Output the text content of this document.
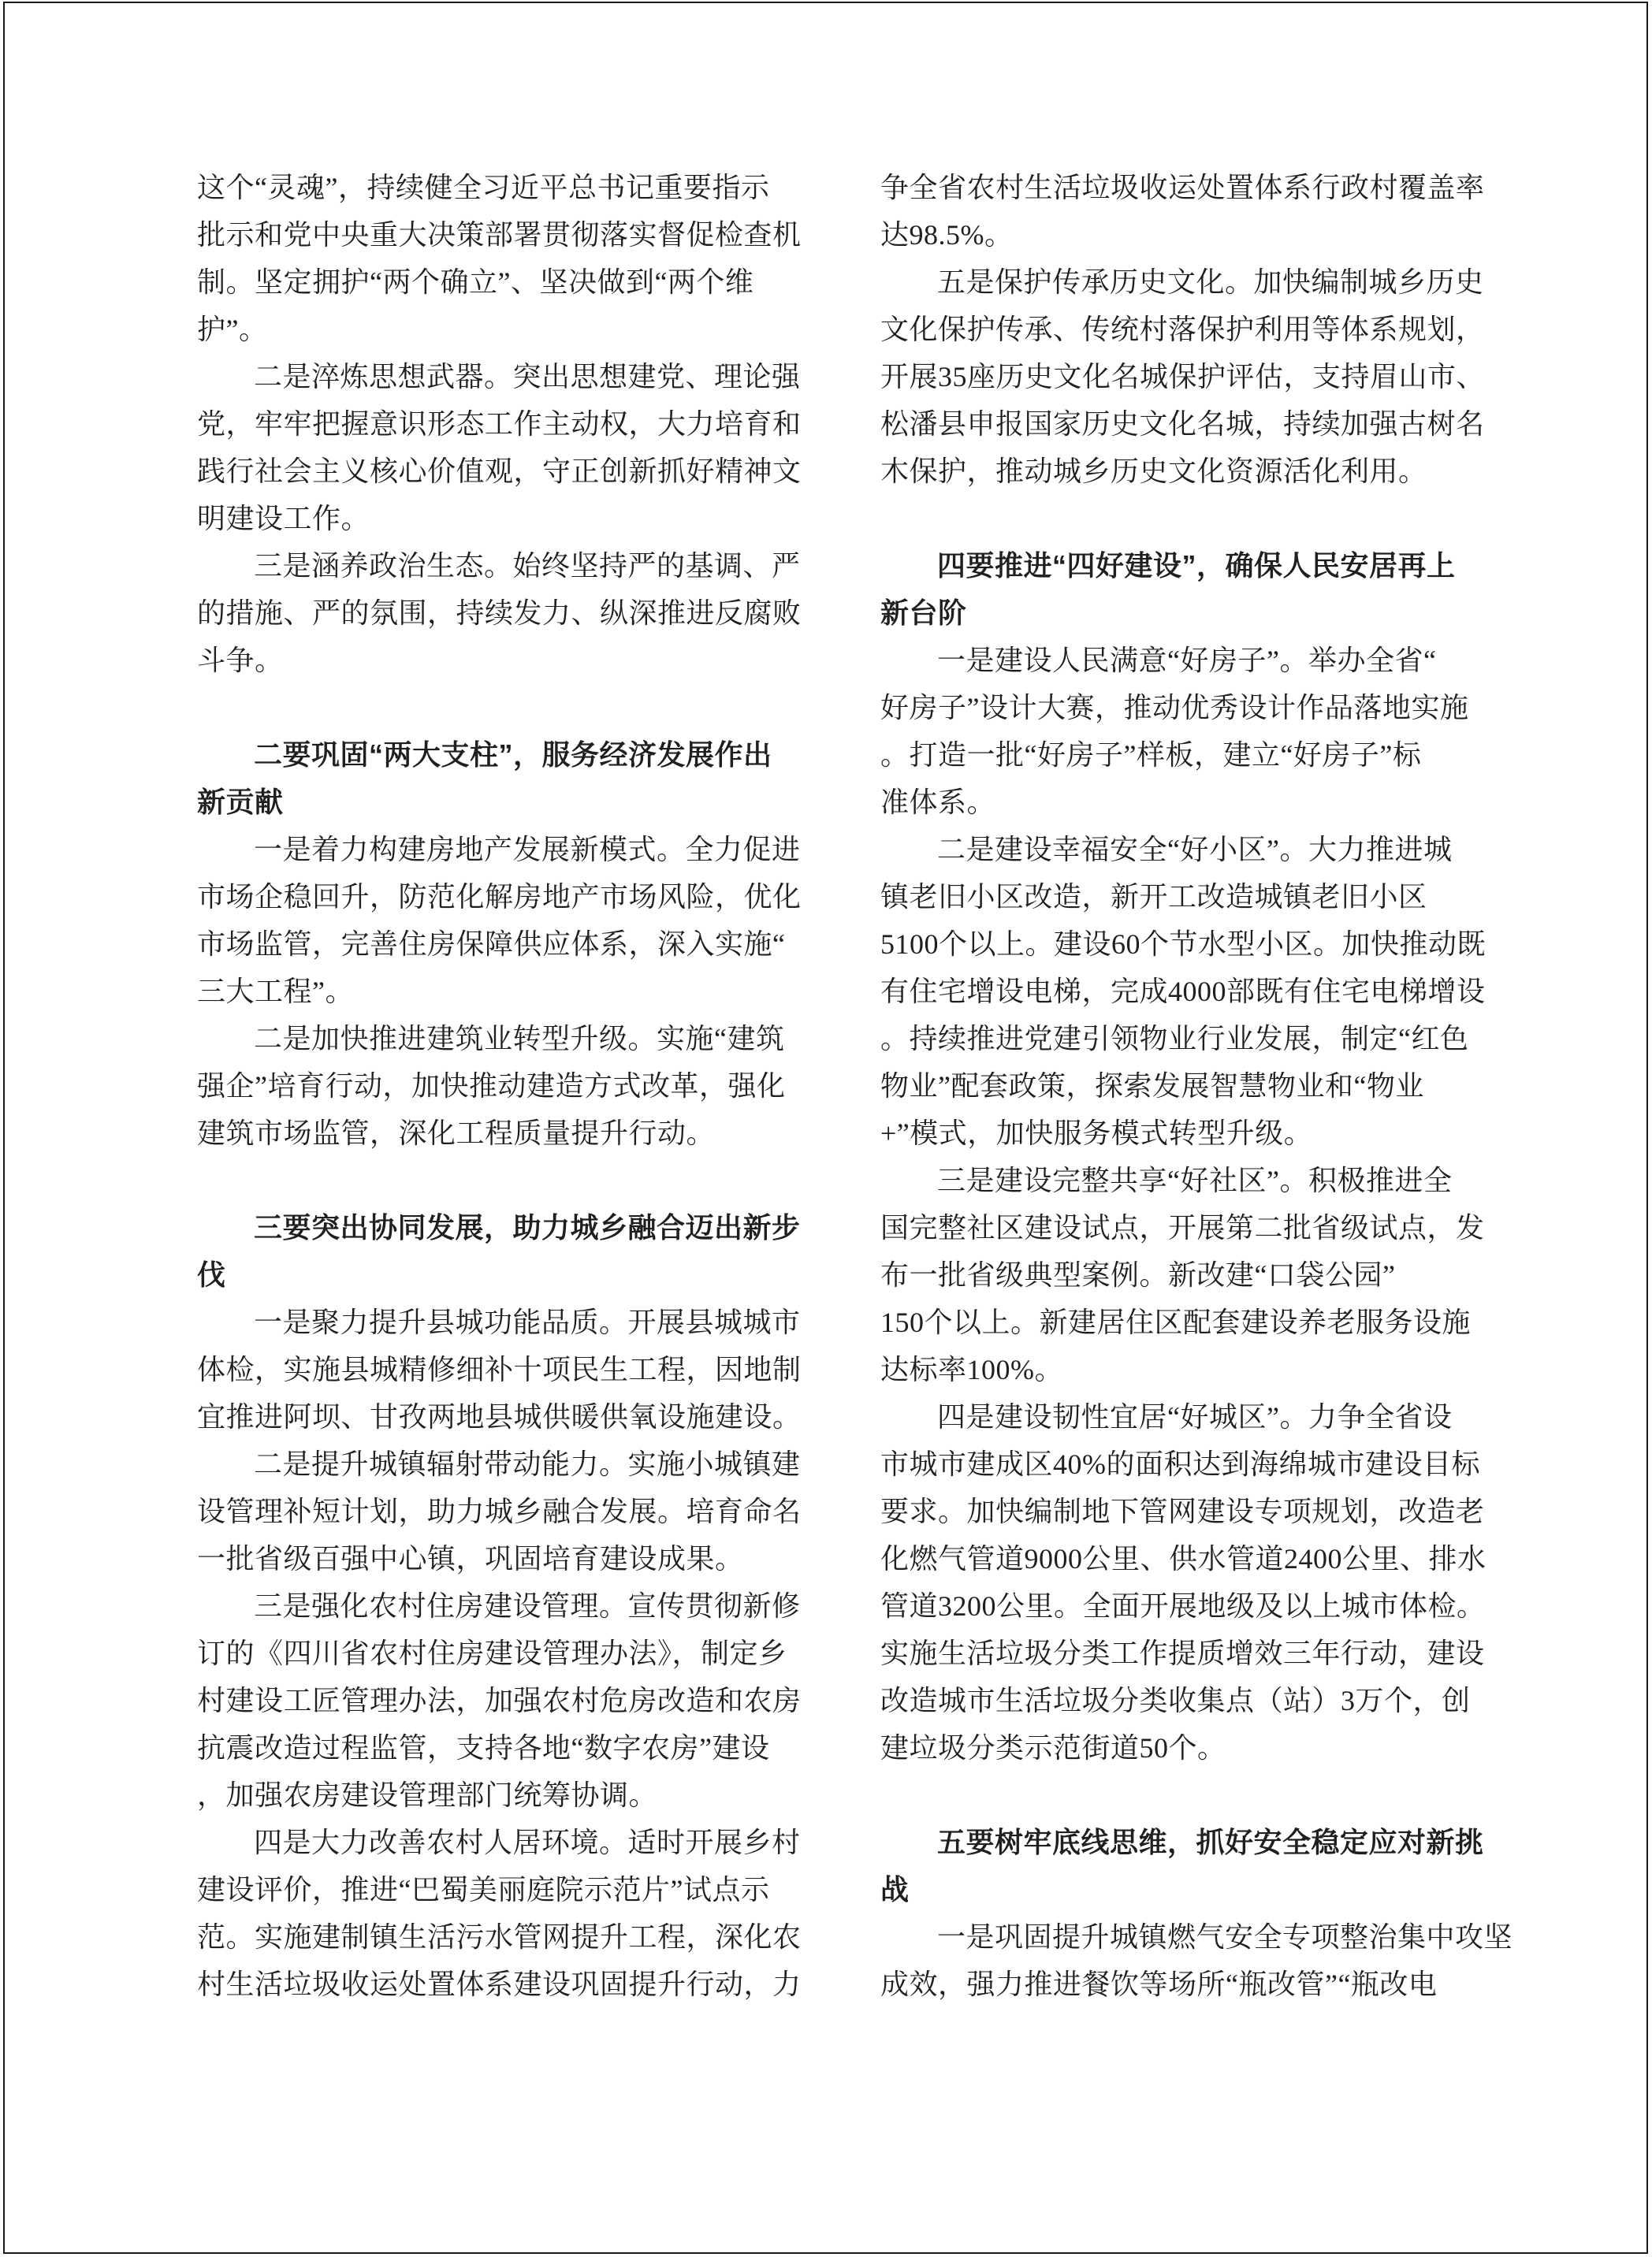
这个“灵魂”，持续健全习近平总书记重要指示
批示和党中央重大决策部署贯彻落实督促检查机
制。坚定拥护“两个确立”、坚决做到“两个维
护”。
二是淬炼思想武器。突出思想建党、理论强
党，牢牢把握意识形态工作主动权，大力培育和
践行社会主义核心价值观，守正创新抓好精神文
明建设工作。
三是涵养政治生态。始终坚持严的基调、严
的措施、严的氛围，持续发力、纵深推进反腐败
斗争。
二要巩固“两大支柱”，服务经济发展作出
新贡献
一是着力构建房地产发展新模式。全力促进
市场企稳回升，防范化解房地产市场风险，优化
市场监管，完善住房保障供应体系，深入实施“
三大工程”。
二是加快推进建筑业转型升级。实施“建筑
强企”培育行动，加快推动建造方式改革，强化
建筑市场监管，深化工程质量提升行动。
三要突出协同发展，助力城乡融合迈出新步
伐
一是聚力提升县城功能品质。开展县城城市
体检，实施县城精修细补十项民生工程，因地制
宜推进阿坝、甘孜两地县城供暖供氧设施建设。
二是提升城镇辐射带动能力。实施小城镇建
设管理补短计划，助力城乡融合发展。培育命名
一批省级百强中心镇，巩固培育建设成果。
三是强化农村住房建设管理。宣传贯彻新修
订的《四川省农村住房建设管理办法》，制定乡
村建设工匠管理办法，加强农村危房改造和农房
抗震改造过程监管，支持各地“数字农房”建设
，加强农房建设管理部门统筹协调。
四是大力改善农村人居环境。适时开展乡村
建设评价，推进“巴蜀美丽庭院示范片”试点示
范。实施建制镇生活污水管网提升工程，深化农
村生活垃圾收运处置体系建设巩固提升行动，力
争全省农村生活垃圾收运处置体系行政村覆盖率
达98.5%。
五是保护传承历史文化。加快编制城乡历史
文化保护传承、传统村落保护利用等体系规划，
开展35座历史文化名城保护评估，支持眉山市、
松潘县申报国家历史文化名城，持续加强古树名
木保护，推动城乡历史文化资源活化利用。
四要推进“四好建设”，确保人民安居再上
新台阶
一是建设人民满意“好房子”。举办全省“
好房子”设计大赛，推动优秀设计作品落地实施
。打造一批“好房子”样板，建立“好房子”标
准体系。
二是建设幸福安全“好小区”。大力推进城
镇老旧小区改造，新开工改造城镇老旧小区
5100个以上。建设60个节水型小区。加快推动既
有住宅增设电梯，完成4000部既有住宅电梯增设
。持续推进党建引领物业行业发展，制定“红色
物业”配套政策，探索发展智慧物业和“物业
+”模式，加快服务模式转型升级。
三是建设完整共享“好社区”。积极推进全
国完整社区建设试点，开展第二批省级试点，发
布一批省级典型案例。新改建“口袋公园”
150个以上。新建居住区配套建设养老服务设施
达标率100%。
四是建设韧性宜居“好城区”。力争全省设
市城市建成区40%的面积达到海绵城市建设目标
要求。加快编制地下管网建设专项规划，改造老
化燃气管道9000公里、供水管道2400公里、排水
管道3200公里。全面开展地级及以上城市体检。
实施生活垃圾分类工作提质增效三年行动，建设
改造城市生活垃圾分类收集点（站）3万个，创
建垃圾分类示范街道50个。
五要树牢底线思维，抓好安全稳定应对新挑
战
一是巩固提升城镇燃气安全专项整治集中攻坚
成效，强力推进餐饮等场所“瓶改管”“瓶改电
